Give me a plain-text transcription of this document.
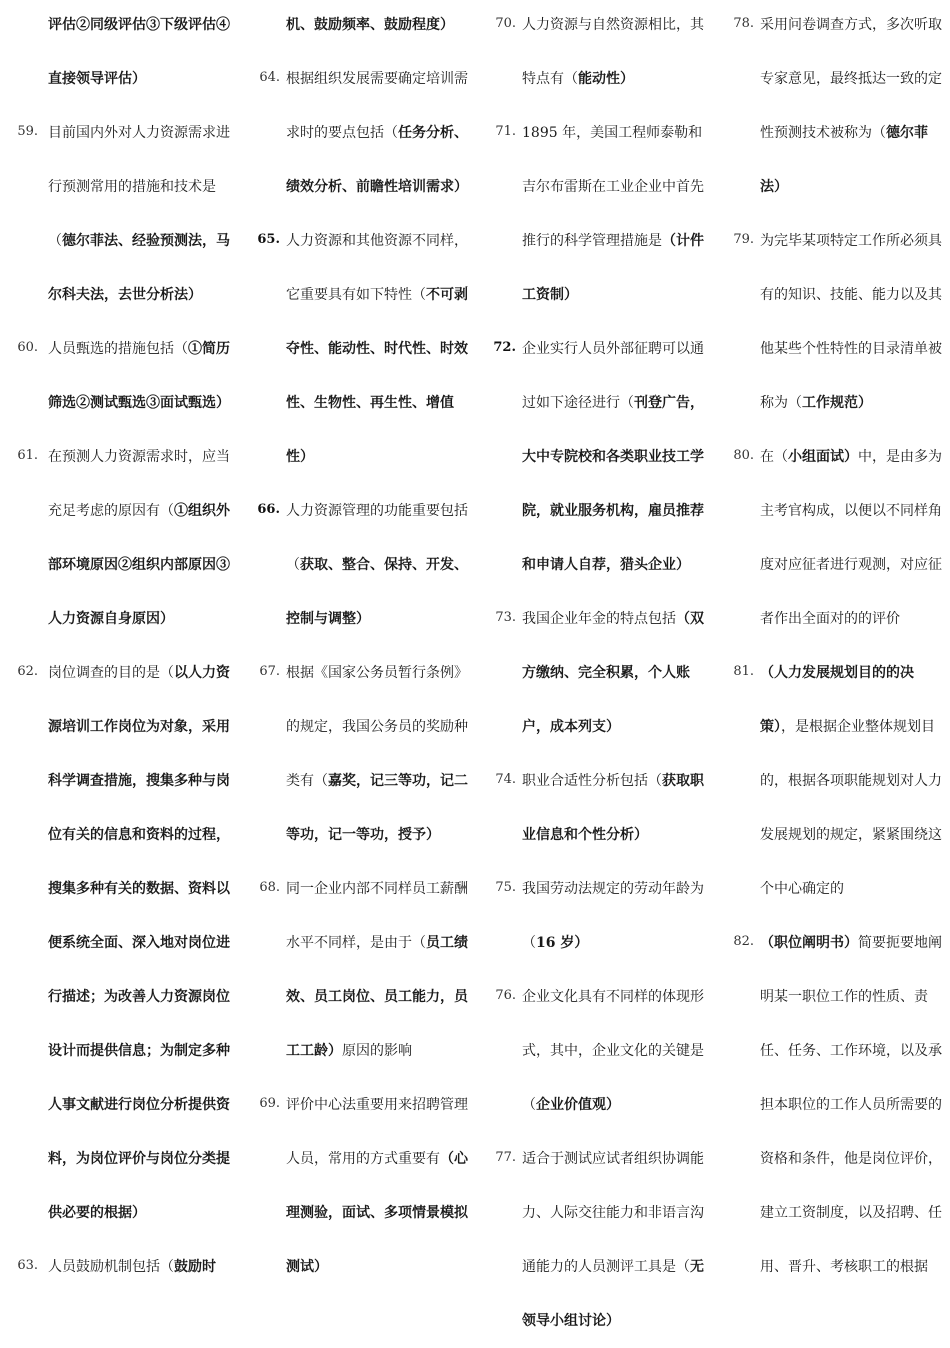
评估②同级评估③下级评估④直接领导评估）
59. 目前国内外对人力资源需求进行预测常用的措施和技术是（德尔菲法、经验预测法，马尔科夫法，去世分析法）
60. 人员甄选的措施包括（①简历筛选②测试甄选③面试甄选）
61. 在预测人力资源需求时，应当充足考虑的原因有（①组织外部环境原因②组织内部原因③人力资源自身原因）
62. 岗位调查的目的是（以人力资源培训工作岗位为对象，采用科学调查措施，搜集多种与岗位有关的信息和资料的过程，搜集多种有关的数据、资料以便系统全面、深入地对岗位进行描述；为改善人力资源岗位设计而提供信息；为制定多种人事文献进行岗位分析提供资料，为岗位评价与岗位分类提供必要的根据）
63. 人员鼓励机制包括（鼓励时
机、鼓励频率、鼓励程度）
64. 根据组织发展需要确定培训需求时的要点包括（任务分析、绩效分析、前瞻性培训需求）
65. 人力资源和其他资源不同样，它重要具有如下特性（不可剥夺性、能动性、时代性、时效性、生物性、再生性、增值性）
66. 人力资源管理的功能重要包括（获取、整合、保持、开发、控制与调整）
67. 根据《国家公务员暂行条例》的规定，我国公务员的奖励种类有（嘉奖，记三等功，记二等功，记一等功，授予）
68. 同一企业内部不同样员工薪酬水平不同样，是由于（员工绩效、员工岗位、员工能力，员工工龄）原因的影响
69. 评价中心法重要用来招聘管理人员，常用的方式重要有（心理测验，面试、多项情景模拟测试）
70. 人力资源与自然资源相比，其特点有（能动性）
71. 1895 年，美国工程师泰勒和吉尔布雷斯在工业企业中首先推行的科学管理措施是（计件工资制）
72. 企业实行人员外部征聘可以通过如下途径进行（刊登广告，大中专院校和各类职业技工学院，就业服务机构，雇员推荐和申请人自荐，猎头企业）
73. 我国企业年金的特点包括（双方缴纳、完全积累，个人账户，成本列支）
74. 职业合适性分析包括（获取职业信息和个性分析）
75. 我国劳动法规定的劳动年龄为（16 岁）
76. 企业文化具有不同样的体现形式，其中，企业文化的关键是（企业价值观）
77. 适合于测试应试者组织协调能力、人际交往能力和非语言沟通能力的人员测评工具是（无领导小组讨论）
78. 采用问卷调查方式，多次听取专家意见，最终抵达一致的定性预测技术被称为（德尔菲法）
79. 为完毕某项特定工作所必须具有的知识、技能、能力以及其他某些个性特性的目录清单被称为（工作规范）
80. 在（小组面试）中，是由多为主考官构成，以便以不同样角度对应征者进行观测，对应征者作出全面对的的评价
81. （人力发展规划目的的决策），是根据企业整体规划目的，根据各项职能规划对人力发展规划的规定，紧紧围绕这个中心确定的
82. （职位阐明书）简要扼要地阐明某一职位工作的性质、责任、任务、工作环境，以及承担本职位的工作人员所需要的资格和条件，他是岗位评价，建立工资制度，以及招聘、任用、晋升、考核职工的根据
